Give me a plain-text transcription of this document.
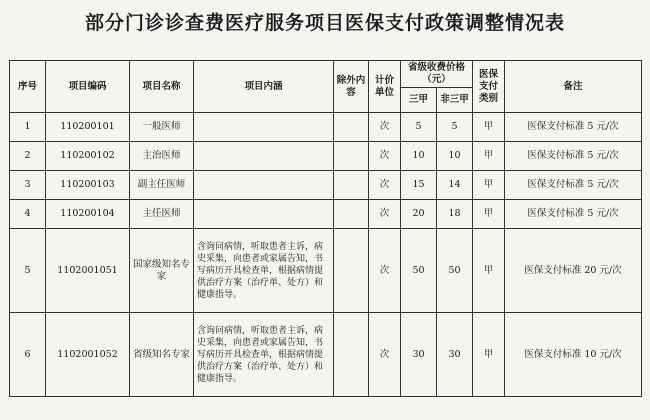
部分门诊诊查费医疗服务项目医保支付政策调整情况表
序号	项目编码	项目名称	项目内涵	除外内容	计价单位	省级收费价格（元）		医保支付类别	备注
						三甲	非三甲		
1	110200101	一般医师			次	5	5	甲	医保支付标准 5 元/次
2	110200102	主治医师			次	10	10	甲	医保支付标准 5 元/次
3	110200103	副主任医师			次	15	14	甲	医保支付标准 5 元/次
4	110200104	主任医师			次	20	18	甲	医保支付标准 5 元/次
5	1102001051	国家级知名专家	含询问病情，听取患者主诉，病史采集，向患者或家属告知，书写病历开具检查单，根据病情提供治疗方案（治疗单、处方）和健康指导。		次	50	50	甲	医保支付标准 20 元/次
6	1102001052	省级知名专家	含询问病情，听取患者主诉，病史采集，向患者或家属告知，书写病历开具检查单，根据病情提供治疗方案（治疗单、处方）和健康指导。		次	30	30	甲	医保支付标准 10 元/次
